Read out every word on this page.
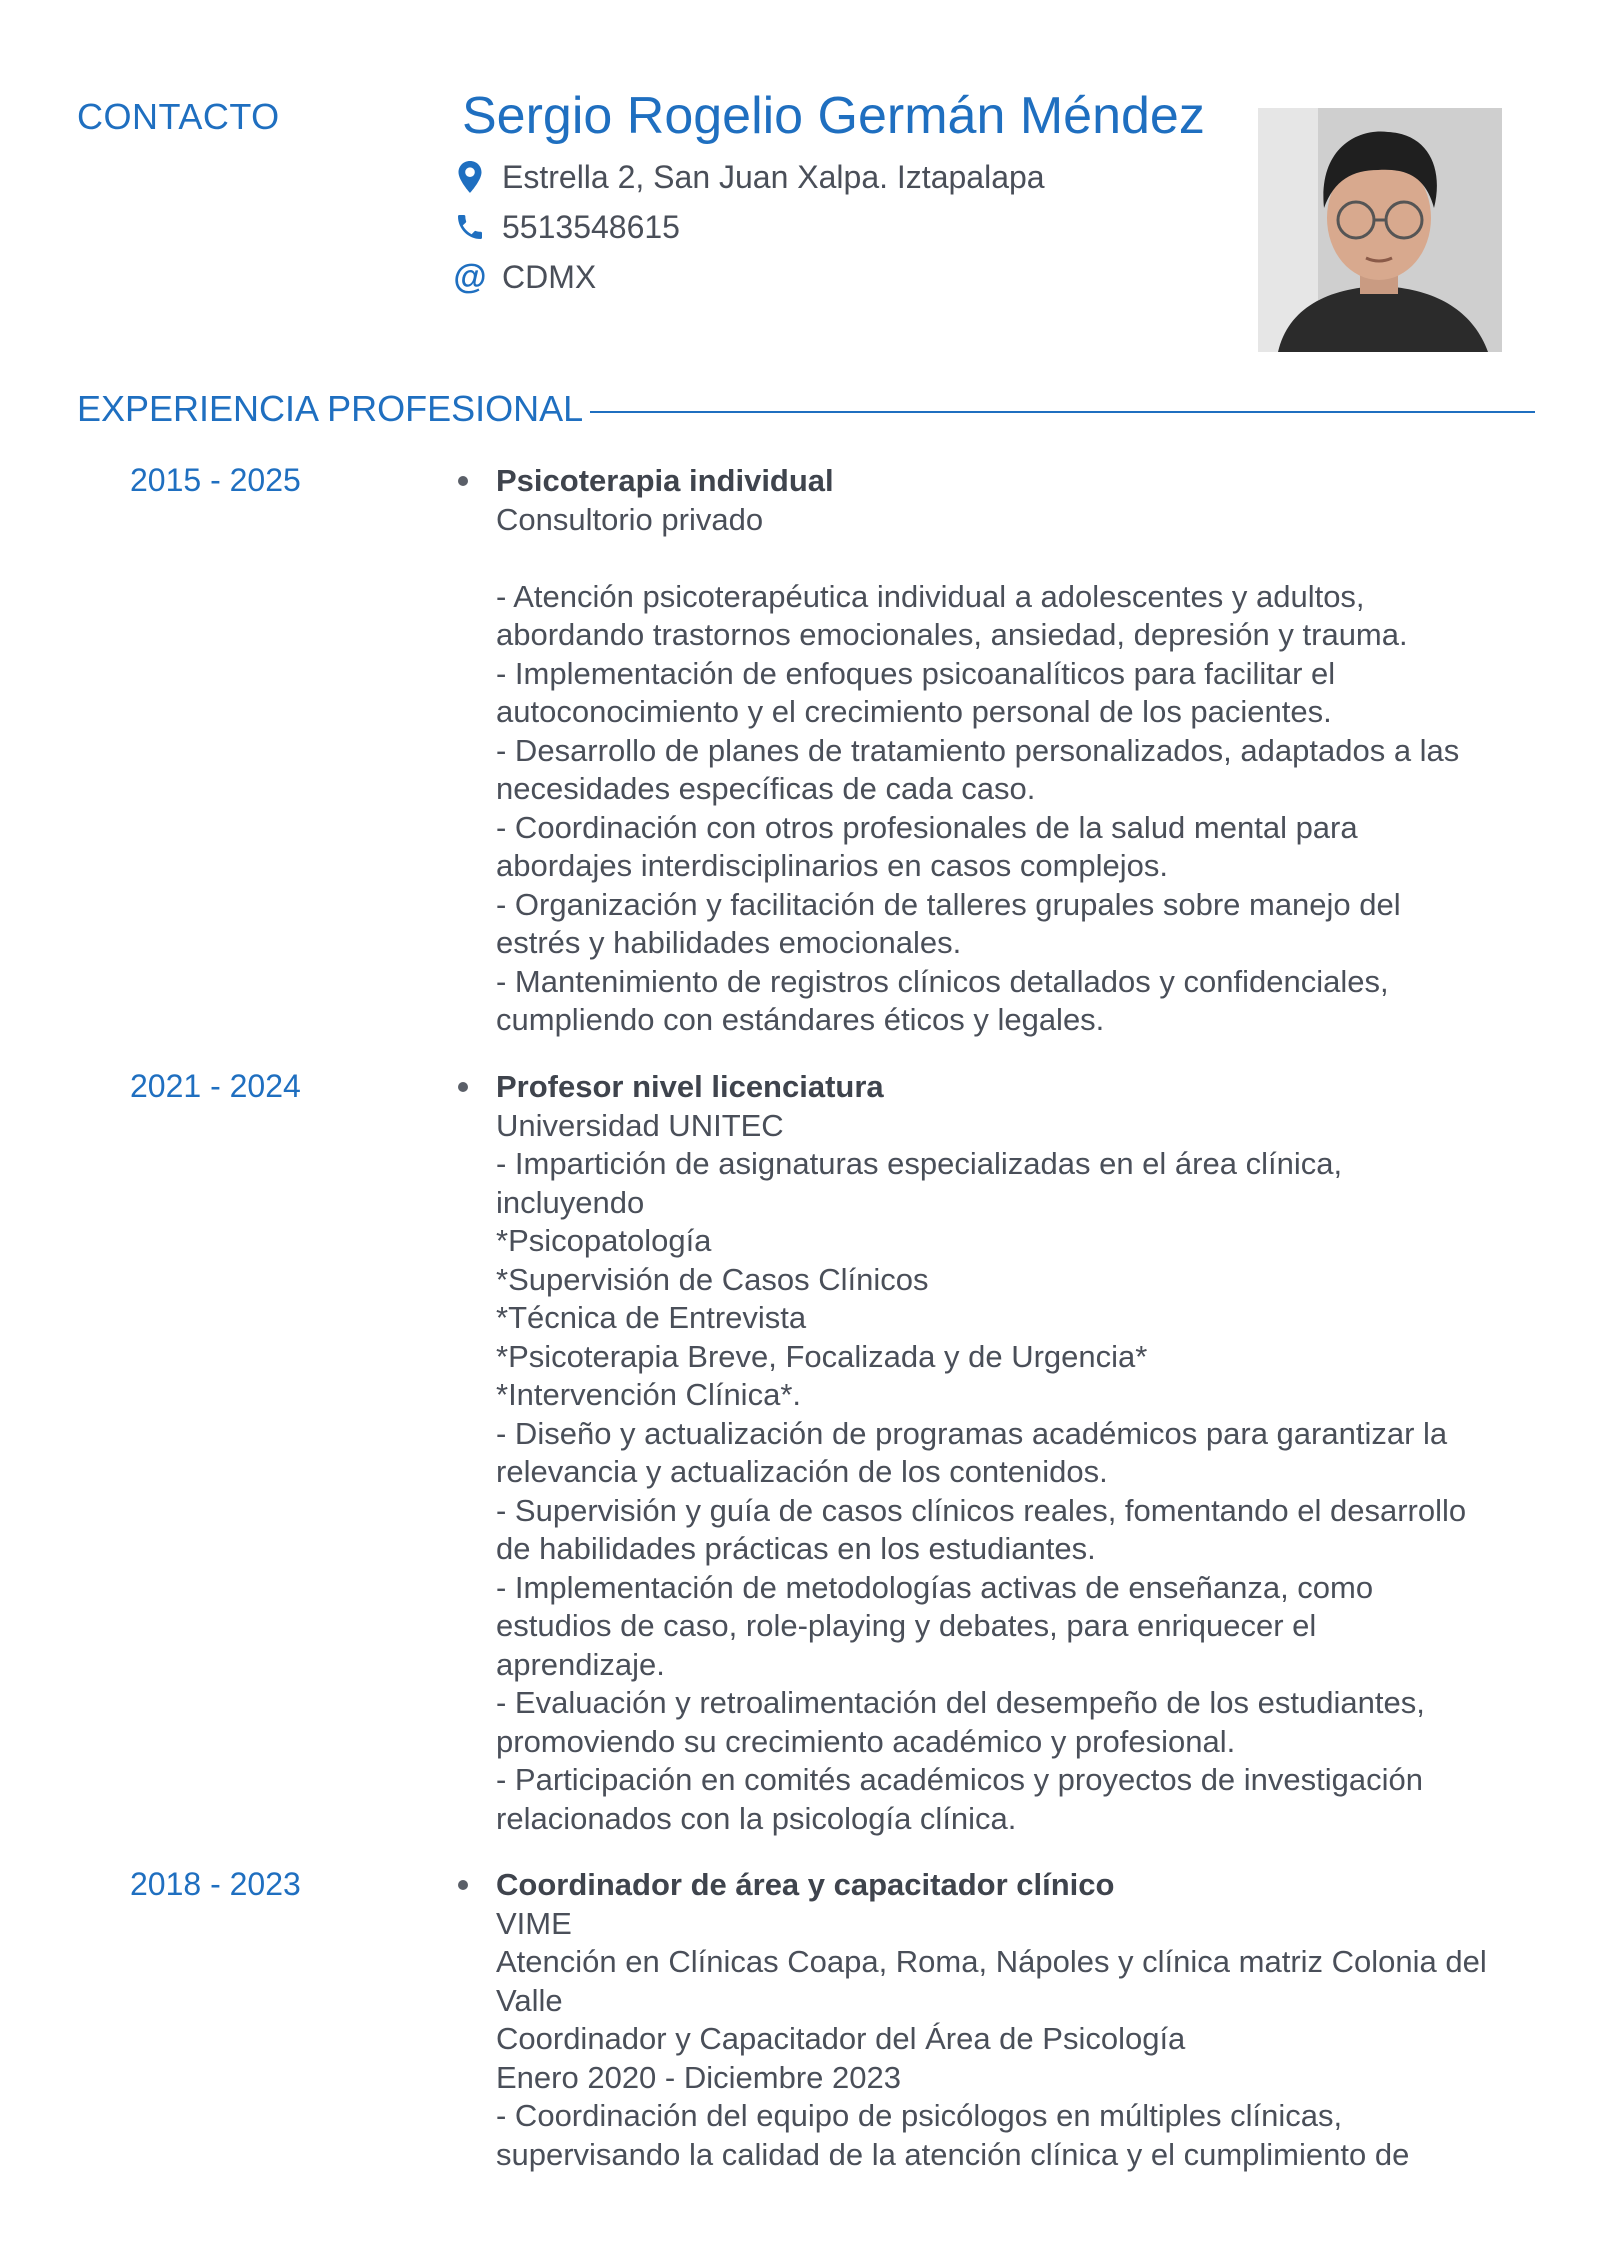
CONTACTO	Sergio Rogelio Germán Méndez
Estrella 2, San Juan Xalpa. Iztapalapa
5513548615
@ CDMX
EXPERIENCIA PROFESIONAL
2015 - 2025	Psicoterapia individual
Consultorio privado
- Atención psicoterapéutica individual a adolescentes y adultos,
abordando trastornos emocionales, ansiedad, depresión y trauma.
- Implementación de enfoques psicoanalíticos para facilitar el
autoconocimiento y el crecimiento personal de los pacientes.
- Desarrollo de planes de tratamiento personalizados, adaptados a las
necesidades específicas de cada caso.
- Coordinación con otros profesionales de la salud mental para
abordajes interdisciplinarios en casos complejos.
- Organización y facilitación de talleres grupales sobre manejo del
estrés y habilidades emocionales.
- Mantenimiento de registros clínicos detallados y confidenciales,
cumpliendo con estándares éticos y legales.
2021 - 2024	Profesor nivel licenciatura
Universidad UNITEC
- Impartición de asignaturas especializadas en el área clínica,
incluyendo
*Psicopatología
*Supervisión de Casos Clínicos
*Técnica de Entrevista
*Psicoterapia Breve, Focalizada y de Urgencia*
*Intervención Clínica*.
- Diseño y actualización de programas académicos para garantizar la
relevancia y actualización de los contenidos.
- Supervisión y guía de casos clínicos reales, fomentando el desarrollo
de habilidades prácticas en los estudiantes.
- Implementación de metodologías activas de enseñanza, como
estudios de caso, role-playing y debates, para enriquecer el
aprendizaje.
- Evaluación y retroalimentación del desempeño de los estudiantes,
promoviendo su crecimiento académico y profesional.
- Participación en comités académicos y proyectos de investigación
relacionados con la psicología clínica.
2018 - 2023	Coordinador de área y capacitador clínico
VIME
Atención en Clínicas Coapa, Roma, Nápoles y clínica matriz Colonia del
Valle
Coordinador y Capacitador del Área de Psicología
Enero 2020 - Diciembre 2023
- Coordinación del equipo de psicólogos en múltiples clínicas,
supervisando la calidad de la atención clínica y el cumplimiento de
